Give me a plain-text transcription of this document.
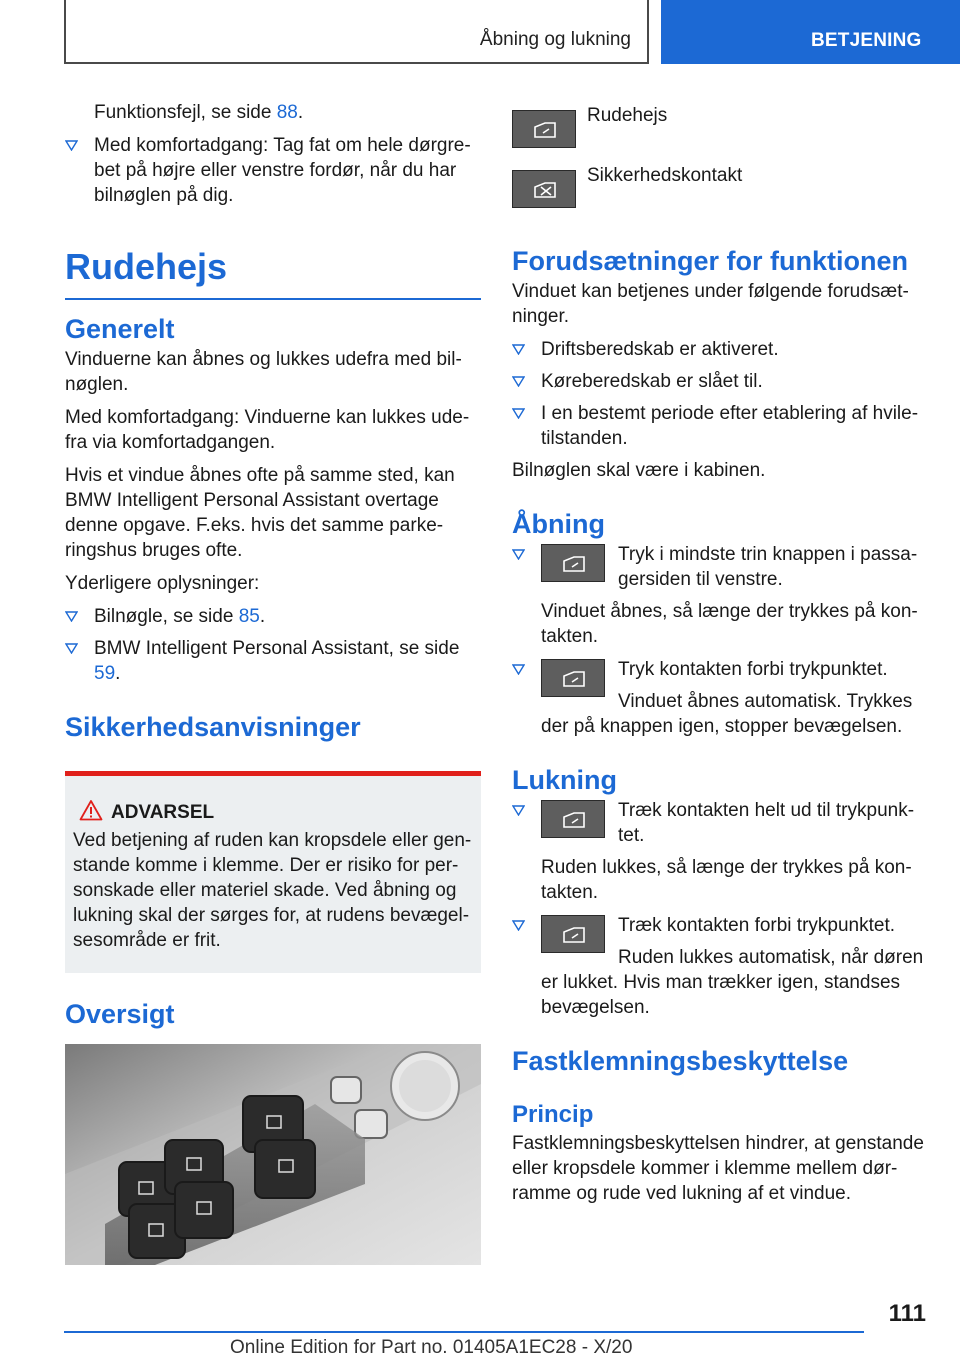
Åbning og lukning	BETJENING

Funktionsfejl, se side 88.

Med komfortadgang: Tag fat om hele dørgre-bet på højre eller venstre fordør, når du har bilnøglen på dig.
Rudehejs
Generelt

Vinduerne kan åbnes og lukkes udefra med bil-nøglen.

Med komfortadgang: Vinduerne kan lukkes ude-fra via komfortadgangen.

Hvis et vindue åbnes ofte på samme sted, kan BMW Intelligent Personal Assistant overtage denne opgave. F.eks. hvis det samme parke-ringshus bruges ofte.

Yderligere oplysninger:

Bilnøgle, se side 85.
BMW Intelligent Personal Assistant, se side 59.
Sikkerhedsanvisninger
ADVARSEL

Ved betjening af ruden kan kropsdele eller gen-stande komme i klemme. Der er risiko for per-sonskade eller materiel skade. Ved åbning og lukning skal der sørges for, at rudens bevægel-sesområde er frit.

Oversigt
Rudehejs
Sikkerhedskontakt
Forudsætninger for funktionen

Vinduet kan betjenes under følgende forudsæt-ninger.

Driftsberedskab er aktiveret.
Køreberedskab er slået til.
I en bestemt periode efter etablering af hvile-tilstanden.

Bilnøglen skal være i kabinen.

Åbning

Tryk i mindste trin knappen i passa-gersiden til venstre.

Vinduet åbnes, så længe der trykkes på kon-takten.

Tryk kontakten forbi trykpunktet.

Vinduet åbnes automatisk. Trykkes der på knappen igen, stopper bevægelsen.

Lukning

Træk kontakten helt ud til trykpunk-tet.

Ruden lukkes, så længe der trykkes på kon-takten.

Træk kontakten forbi trykpunktet.

Ruden lukkes automatisk, når døren er lukket. Hvis man trækker igen, standses bevægelsen.

Fastklemningsbeskyttelse
Princip

Fastklemningsbeskyttelsen hindrer, at genstande eller kropsdele kommer i klemme mellem dør-ramme og rude ved lukning af et vindue.

111
Online Edition for Part no. 01405A1EC28 - X/20
